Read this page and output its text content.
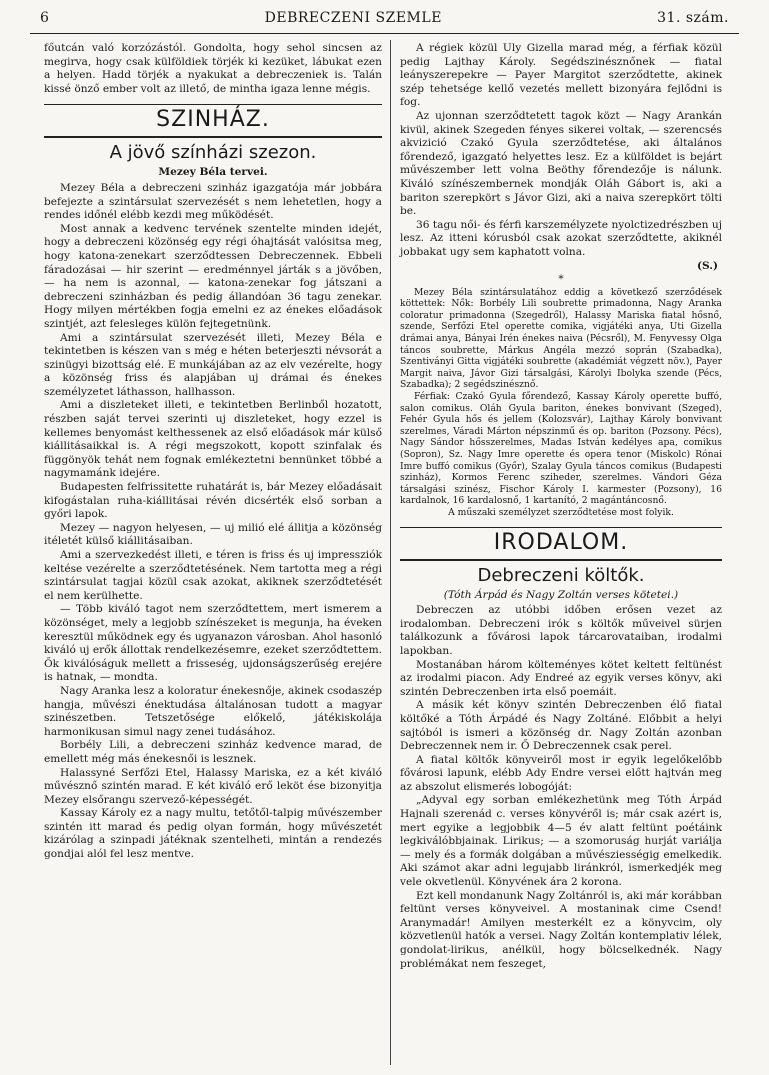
6	DEBRECZENI SZEMLE	31. szám.

főutcán való korzózástól. Gondolta, hogy sehol sincsen az megirva, hogy csak külföldiek törjék ki kezüket, lábukat ezen a helyen. Hadd törjék a nyakukat a debreczeniek is. Talán kissé önző ember volt az illető, de mintha igaza lenne mégis.

SZINHÁZ.
A jövő színházi szezon.
Mezey Béla tervei.

Mezey Béla a debreczeni szinház igazgatója már jobbára befejezte a szintársulat szervezését s nem lehetetlen, hogy a rendes időnél elébb kezdi meg működését.

Most annak a kedvenc tervének szentelte minden idejét, hogy a debreczeni közönség egy régi óhajtását valósitsa meg, hogy katona-zenekart szerződtessen Debreczennek. Ebbeli fáradozásai — hir szerint — eredménnyel járták s a jövőben, — ha nem is azonnal, — katona-zenekar fog játszani a debreczeni szinházban és pedig állandóan 36 tagu zenekar. Hogy milyen mértékben fogja emelni ez az énekes előadások szintjét, azt felesleges külön fejtegetnünk.

Ami a szintársulat szervezését illeti, Mezey Béla e tekintetben is készen van s még e héten beterjeszti névsorát a szinügyi bizottság elé. E munkájában az az elv vezérelte, hogy a közönség friss és alapjában uj drámai és énekes személyzetet láthasson, hallhasson.

Ami a diszleteket illeti, e tekintetben Berlinből hozatott, részben saját tervei szerinti uj diszleteket, hogy ezzel is kellemes benyomást kelthessenek az első előadások már külső kiállitásaikkal is. A régi megszokott, kopott szinfalak és függönyök tehát nem fognak emlékeztetni bennünket többé a nagymamánk idejére.

Budapesten felfrissitette ruhatárát is, bár Mezey előadásait kifogástalan ruha-kiállitásai révén dicsérték első sorban a győri lapok.

Mezey — nagyon helyesen, — uj milió elé állitja a közönség itéletét külső kiállitásaiban.

Ami a szervezkedést illeti, e téren is friss és uj impressziók keltése vezérelte a szerződtetésének. Nem tartotta meg a régi szintársulat tagjai közül csak azokat, akiknek szerződtetését el nem kerülhette.

— Több kiváló tagot nem szerződtettem, mert ismerem a közönséget, mely a legjobb színészeket is megunja, ha éveken keresztül működnek egy és ugyanazon városban. Ahol hasonló kiváló uj erők állottak rendelkezésemre, ezeket szerződtettem. Ők kiválóságuk mellett a frisseség, ujdonságszerűség erejére is hatnak, — mondta.

Nagy Aranka lesz a koloratur énekesnője, akinek csodaszép hangja, művészi énektudása általánosan tudott a magyar szinészetben. Tetszetősége előkelő, játékiskolája harmonikusan simul nagy zenei tudásához.

Borbély Lili, a debreczeni szinház kedvence marad, de emellett még más énekesnői is lesznek.

Halassyné Serfőzi Etel, Halassy Mariska, ez a két kiváló művésznő szintén marad. E két kiváló erő leköt ése bizonyitja Mezey elsőrangu szervező-képességét.

Kassay Károly ez a nagy multu, tetőtől-talpig művészember szintén itt marad és pedig olyan formán, hogy művészetét kizárólag a szinpadi játéknak szentelheti, mintán a rendezés gondjai alól fel lesz mentve.

A régiek közül Uly Gizella marad még, a férfiak közül pedig Lajthay Károly. Segédszinésznőnek — fiatal leányszerepekre — Payer Margitot szerződtette, akinek szép tehetsége kellő vezetés mellett bizonyára fejlődni is fog.

Az ujonnan szerződtetett tagok közt — Nagy Arankán kivül, akinek Szegeden fényes sikerei voltak, — szerencsés akvizició Czakó Gyula szerződtetése, aki általános főrendező, igazgató helyettes lesz. Ez a külföldet is bejárt művészember lett volna Beöthy főrendezője is nálunk. Kiváló színészembernek mondják Oláh Gábort is, aki a bariton szerepkört s Jávor Gizi, aki a naiva szerepkört tölti be.

36 tagu női- és férfi karszemélyzete nyolctizedrészben uj lesz. Az itteni kórusból csak azokat szerződtette, akiknél jobbakat ugy sem kaphatott volna.

(S.)
*

Mezey Béla szintársulatához eddig a következő szerződések köttettek: Nők: Borbély Lili soubrette primadonna, Nagy Aranka coloratur primadonna (Szegedről), Halassy Mariska fiatal hősnő, szende, Serfőzi Etel operette comika, vigjátéki anya, Uti Gizella drámai anya, Bányai Irén énekes naiva (Pécsről), M. Fenyvessy Olga táncos soubrette, Márkus Angéla mezzó soprán (Szabadka), Szentiványi Gitta vigjátéki soubrette (akadémiát végzett növ.), Payer Margit naiva, Jávor Gizi társalgási, Károlyi Ibolyka szende (Pécs, Szabadka); 2 segédszinésznő.

Férfiak: Czakó Gyula főrendező, Kassay Károly operette buffó, salon comikus. Oláh Gyula bariton, énekes bonvivant (Szeged), Fehér Gyula hős és jellem (Kolozsvár), Lajthay Károly bonvivant szerelmes, Váradi Márton népszinmű és op. bariton (Pozsony. Pécs), Nagy Sándor hősszerelmes, Madas István kedélyes apa, comikus (Sopron), Sz. Nagy Imre operette és opera tenor (Miskolc) Rónai Imre buffó comikus (Győr), Szalay Gyula táncos comikus (Budapesti szinház), Kormos Ferenc sziheder, szerelmes. Vándori Géza társalgási szinész, Fischor Károly I. karmester (Pozsony), 16 kardalnok, 16 kardalosnő, 1 kartanító, 2 magántáncosnő.

A műszaki személyzet szerződtetése most folyik.
IRODALOM.
Debreczeni költők.
(Tóth Árpád és Nagy Zoltán verses kötetei.)

Debreczen az utóbbi időben erősen vezet az irodalomban. Debreczeni irók s költők műveivel sürjen találkozunk a fővárosi lapok tárcarovataiban, irodalmi lapokban.

Mostanában három költeményes kötet keltett feltünést az irodalmi piacon. Ady Endreé az egyik verses könyv, aki szintén Debreczenben irta első poemáit.

A másik két könyv szintén Debreczenben élő fiatal költőké a Tóth Árpádé és Nagy Zoltáné. Előbbit a helyi sajtóból is ismeri a közönség dr. Nagy Zoltán azonban Debreczennek nem ir. Ő Debreczennek csak perel.

A fiatal költők könyveiről most ir egyik legelőkelőbb fővárosi lapunk, elébb Ady Endre versei előtt hajtván meg az abszolut elismerés lobogóját:

„Adyval egy sorban emlékezhetünk meg Tóth Árpád Hajnali szerenád c. verses könyvéről is; már csak azért is, mert egyike a legjobbik 4—5 év alatt feltünt poétáink legkiválóbbjainak. Lirikus; — a szomoruság hurját variálja — mely és a formák dolgában a művésziességig emelkedik. Aki számot akar adni legujabb liránkról, ismerkedjék meg vele okvetlenül. Könyvének ára 2 korona.

Ezt kell mondanunk Nagy Zoltánról is, aki már korábban feltünt verses könyveivel. A mostaninak cime Csend! Aranymadár! Amilyen mesterkélt ez a könyvcim, oly közvetlenül hatók a versei. Nagy Zoltán kontemplativ lélek, gondolat-lirikus, anélkül, hogy bölcselkednék. Nagy problémákat nem feszeget,
